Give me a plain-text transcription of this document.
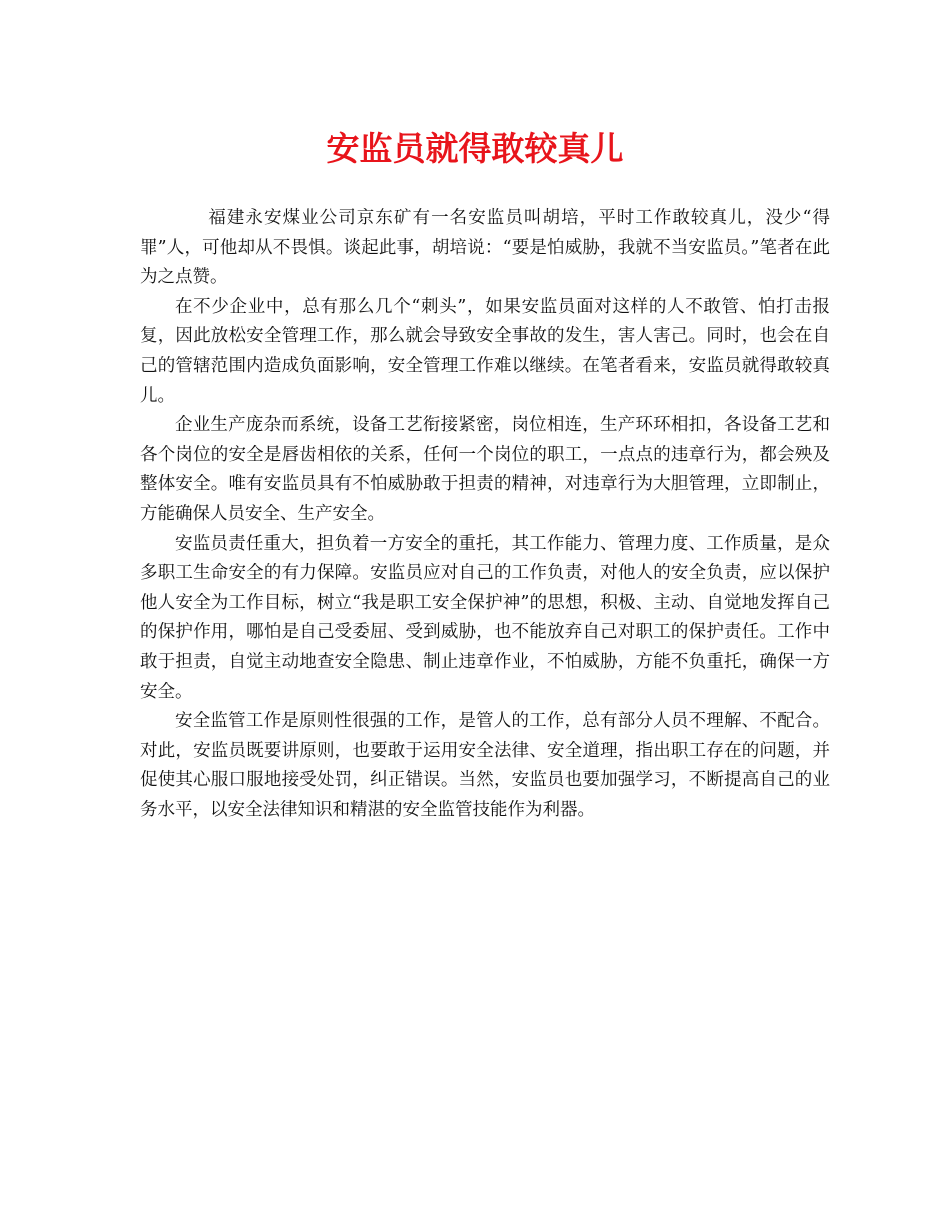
安监员就得敢较真儿

福建永安煤业公司京东矿有一名安监员叫胡培，平时工作敢较真儿，没少“得罪”人，可他却从不畏惧。谈起此事，胡培说：“要是怕威胁，我就不当安监员。”笔者在此为之点赞。

在不少企业中，总有那么几个“刺头”，如果安监员面对这样的人不敢管、怕打击报复，因此放松安全管理工作，那么就会导致安全事故的发生，害人害己。同时，也会在自己的管辖范围内造成负面影响，安全管理工作难以继续。在笔者看来，安监员就得敢较真儿。

企业生产庞杂而系统，设备工艺衔接紧密，岗位相连，生产环环相扣，各设备工艺和各个岗位的安全是唇齿相依的关系，任何一个岗位的职工，一点点的违章行为，都会殃及整体安全。唯有安监员具有不怕威胁敢于担责的精神，对违章行为大胆管理，立即制止，方能确保人员安全、生产安全。

安监员责任重大，担负着一方安全的重托，其工作能力、管理力度、工作质量，是众多职工生命安全的有力保障。安监员应对自己的工作负责，对他人的安全负责，应以保护他人安全为工作目标，树立“我是职工安全保护神”的思想，积极、主动、自觉地发挥自己的保护作用，哪怕是自己受委屈、受到威胁，也不能放弃自己对职工的保护责任。工作中敢于担责，自觉主动地查安全隐患、制止违章作业，不怕威胁，方能不负重托，确保一方安全。

安全监管工作是原则性很强的工作，是管人的工作，总有部分人员不理解、不配合。对此，安监员既要讲原则，也要敢于运用安全法律、安全道理，指出职工存在的问题，并促使其心服口服地接受处罚，纠正错误。当然，安监员也要加强学习，不断提高自己的业务水平，以安全法律知识和精湛的安全监管技能作为利器。
